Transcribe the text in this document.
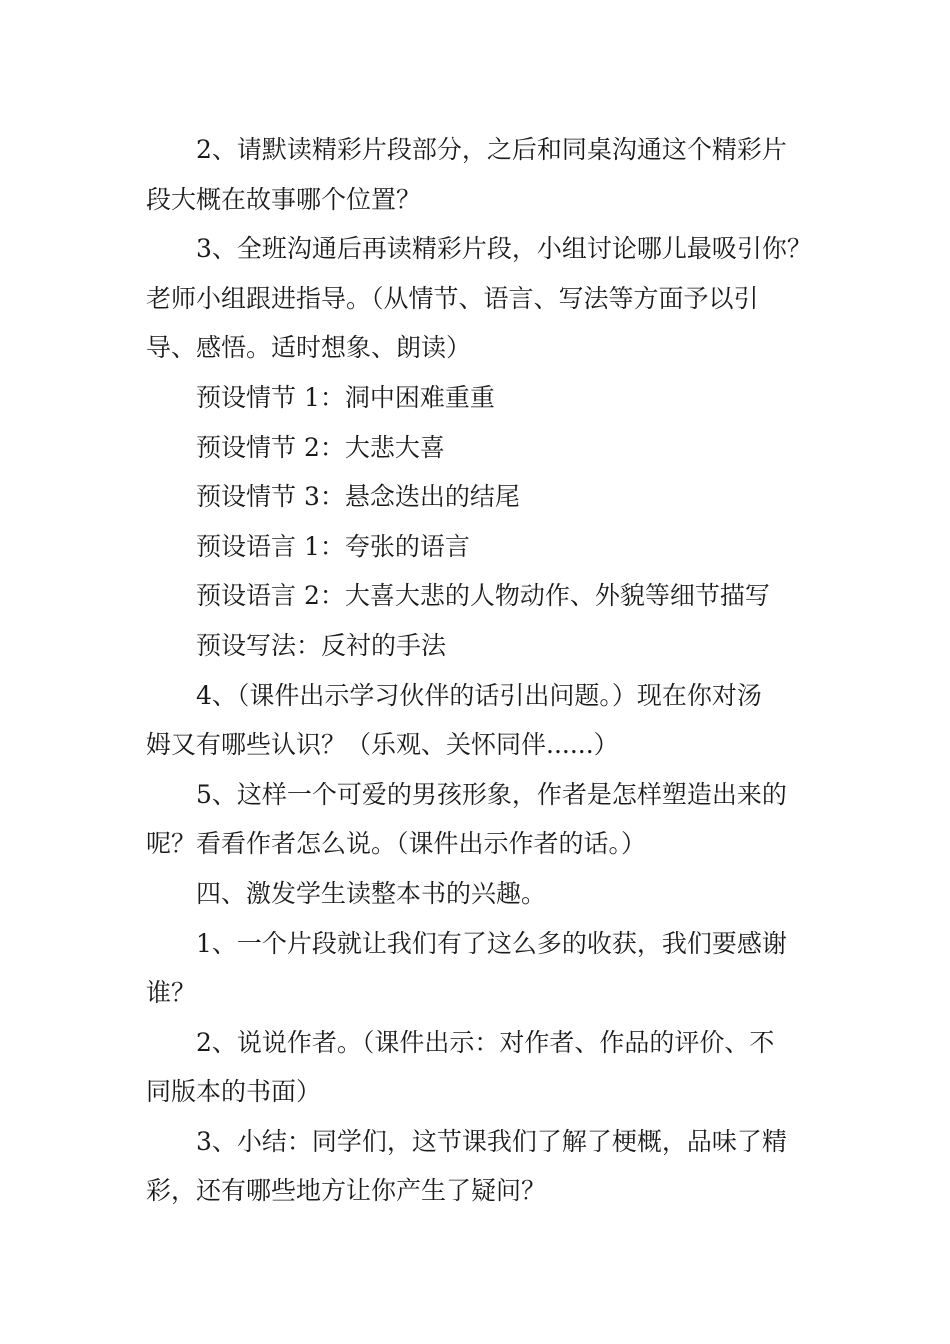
2、请默读精彩片段部分，之后和同桌沟通这个精彩片
段大概在故事哪个位置？
3、全班沟通后再读精彩片段，小组讨论哪儿最吸引你？
老师小组跟进指导。（从情节、语言、写法等方面予以引
导、感悟。适时想象、朗读）
预设情节 1：洞中困难重重
预设情节 2：大悲大喜
预设情节 3：悬念迭出的结尾
预设语言 1：夸张的语言
预设语言 2：大喜大悲的人物动作、外貌等细节描写
预设写法：反衬的手法
4、（课件出示学习伙伴的话引出问题。）现在你对汤
姆又有哪些认识？（乐观、关怀同伴......）
5、这样一个可爱的男孩形象，作者是怎样塑造出来的
呢？看看作者怎么说。（课件出示作者的话。）
四、激发学生读整本书的兴趣。
1、一个片段就让我们有了这么多的收获，我们要感谢
谁？
2、说说作者。（课件出示：对作者、作品的评价、不
同版本的书面）
3、小结：同学们，这节课我们了解了梗概，品味了精
彩，还有哪些地方让你产生了疑问？
